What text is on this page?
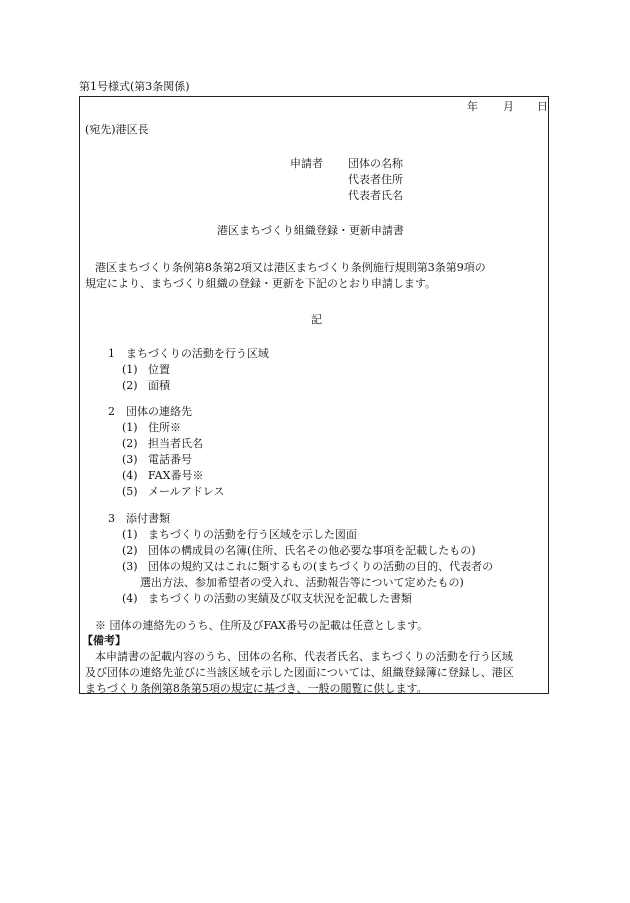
第1号様式(第3条関係)
年 月 日
(宛先)港区長
申請者 団体の名称
代表者住所
代表者氏名
港区まちづくり組織登録・更新申請書
港区まちづくり条例第8条第2項又は港区まちづくり条例施行規則第3条第9項の
規定により、まちづくり組織の登録・更新を下記のとおり申請します。
記
1　まちづくりの活動を行う区域
(1) 位置
(2) 面積
2　団体の連絡先
(1) 住所※
(2) 担当者氏名
(3) 電話番号
(4) FAX番号※
(5) メールアドレス
3　添付書類
(1) まちづくりの活動を行う区域を示した図面
(2) 団体の構成員の名簿(住所、氏名その他必要な事項を記載したもの)
(3) 団体の規約又はこれに類するもの(まちづくりの活動の目的、代表者の
選出方法、参加希望者の受入れ、活動報告等について定めたもの)
(4) まちづくりの活動の実績及び収支状況を記載した書類
※ 団体の連絡先のうち、住所及びFAX番号の記載は任意とします。
【備考】
本申請書の記載内容のうち、団体の名称、代表者氏名、まちづくりの活動を行う区域
及び団体の連絡先並びに当該区域を示した図面については、組織登録簿に登録し、港区
まちづくり条例第8条第5項の規定に基づき、一般の閲覧に供します。
